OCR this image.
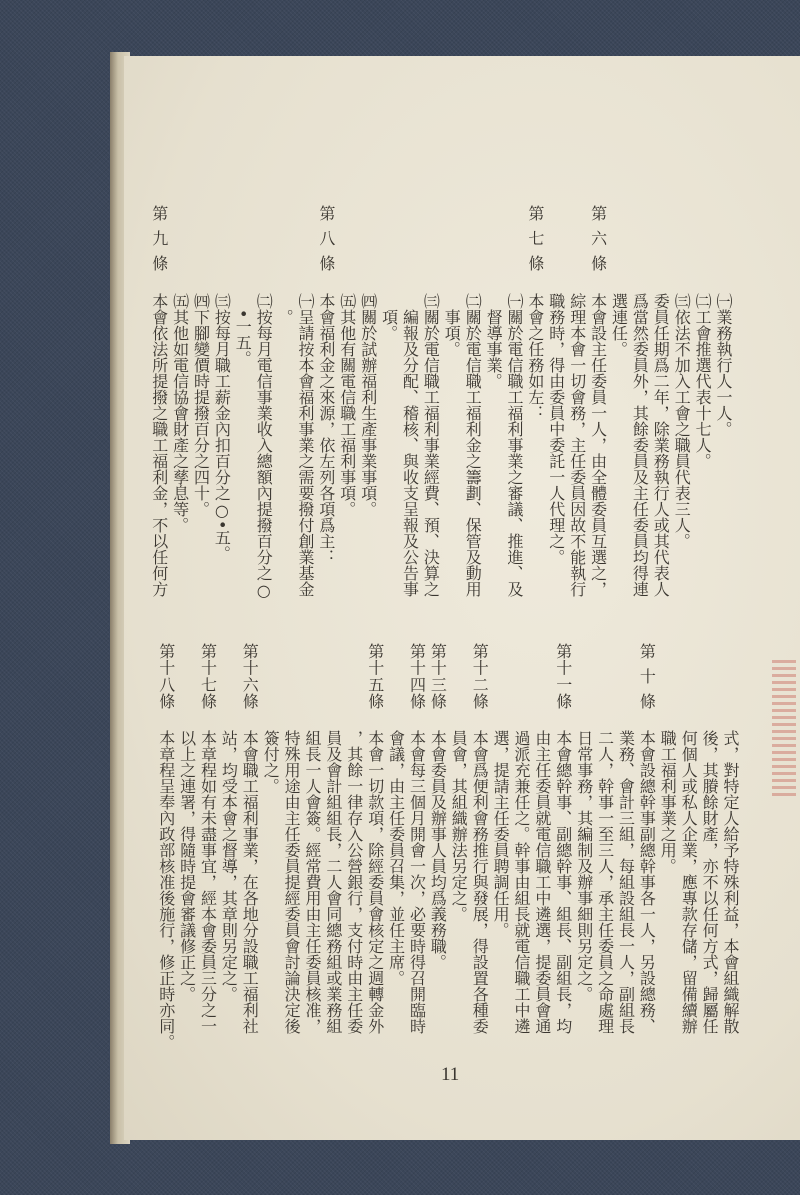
㈠業務執行人一人。
㈡工會推選代表十七人。
㈢依法不加入工會之職員代表三人。
委員任期爲二年，除業務執行人或其代表人
爲當然委員外，其餘委員及主任委員均得連
選連任。
第六條
本會設主任委員一人，由全體委員互選之，
綜理本會一切會務，主任委員因故不能執行
職務時，得由委員中委託一人代理之。
第七條
本會之任務如左：
㈠關於電信職工福利事業之審議、推進、及
督導事業。
㈡關於電信職工福利金之籌劃、保管及動用
事項。
㈢關於電信職工福利事業經費、預、決算之
編報及分配、稽核、與收支呈報及公告事
項。
㈣關於試辦福利生產事業事項。
㈤其他有關電信職工福利事項。
第八條
本會福利金之來源，依左列各項爲主：
㈠呈請按本會福利事業之需要撥付創業基金
。
㈡按每月電信事業收入總額內提撥百分之○
•一五。
㈢按每月職工薪金內扣百分之○•五。
㈣下腳變價時提撥百分之四十。
㈤其他如電信協會財產之孳息等。
第九條
本會依法所提撥之職工福利金，不以任何方
式，對特定人給予特殊利益，本會組織解散
後，其賸餘財產，亦不以任何方式，歸屬任
何個人或私人企業，應專款存儲，留備續辦
職工福利事業之用。
第十條
本會設總幹事副總幹事各一人，另設總務、
業務、會計三組，每組設組長一人，副組長
二人，幹事一至三人，承主任委員之命處理
日常事務，其編制及辦事細則另定之。
第十一條
本會總幹事、副總幹事、組長、副組長，均
由主任委員就電信職工中遴選，提委員會通
過派充兼任之。幹事由組長就電信職工中遴
選，提請主任委員聘調任用。
第十二條
本會爲便利會務推行與發展，得設置各種委
員會，其組織辦法另定之。
第十三條
本會委員及辦事人員均爲義務職。
第十四條
本會每三個月開會一次，必要時得召開臨時
會議，由主任委員召集，並任主席。
第十五條
本會一切款項，除經委員會核定之週轉金外
，其餘一律存入公營銀行，支付時由主任委
員及會計組組長，二人會同總務組或業務組
組長一人會簽。經常費用由主任委員核准，
特殊用途由主任委員提經委員會討論決定後
簽付之。
第十六條
本會職工福利事業，在各地分設職工福利社
站，均受本會之督導，其章則另定之。
第十七條
本章程如有未盡事宜，經本會委員三分之一
以上之連署，得隨時提會審議修正之。
第十八條
本章程呈奉內政部核准後施行，修正時亦同。
11
